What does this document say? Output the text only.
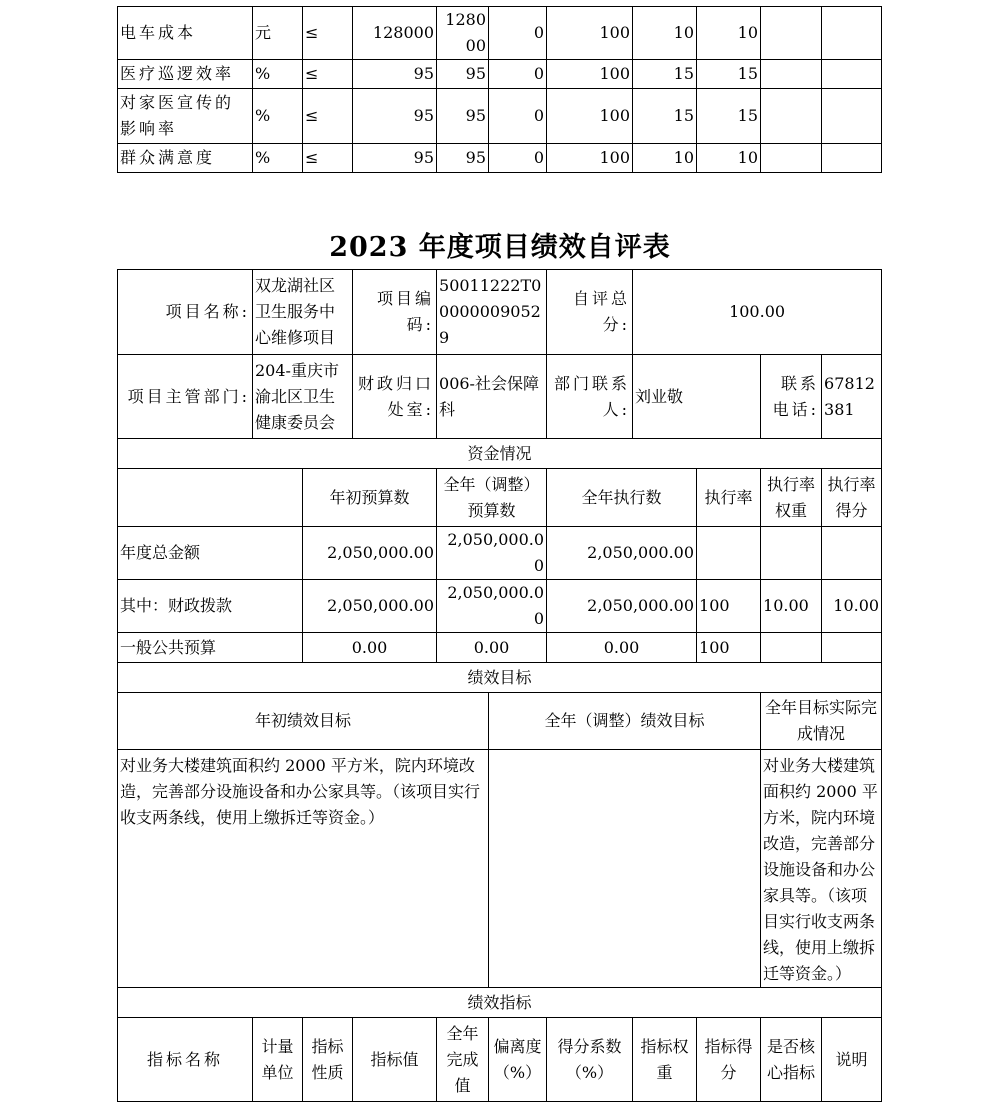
电车成本	元	≤	128000	128000	0	100	10	10		
医疗巡逻效率	%	≤	95	95	0	100	15	15		
对家医宣传的影响率	%	≤	95	95	0	100	15	15		
群众满意度	%	≤	95	95	0	100	10	10		
2023 年度项目绩效自评表
项目名称:	双龙湖社区卫生服务中心维修项目		项目编码:	50011222T000000090529		自评总分:	100.00			
项目主管部门:	204-重庆市渝北区卫生健康委员会		财政归口处室:	006-社会保障科		部门联系人:	刘业敬		联系电话:	67812381
资金情况										
		年初预算数		全年（调整）预算数		全年执行数		执行率	执行率权重	执行率得分
年度总金额		2,050,000.00		2,050,000.00		2,050,000.00				
其中：财政拨款		2,050,000.00		2,050,000.00		2,050,000.00		100	10.00	10.00
一般公共预算		0.00		0.00		0.00		100		
绩效目标										
年初绩效目标					全年（调整）绩效目标				全年目标实际完成情况	
对业务大楼建筑面积约 2000 平方米，院内环境改造，完善部分设施设备和办公家具等。（该项目实行收支两条线，使用上缴拆迁等资金。）									对业务大楼建筑面积约 2000 平方米，院内环境改造，完善部分设施设备和办公家具等。（该项目实行收支两条线，使用上缴拆迁等资金。）	
绩效指标										
指标名称	计量单位	指标性质	指标值	全年完成值	偏离度（%）	得分系数（%）	指标权重	指标得分	是否核心指标	说明
